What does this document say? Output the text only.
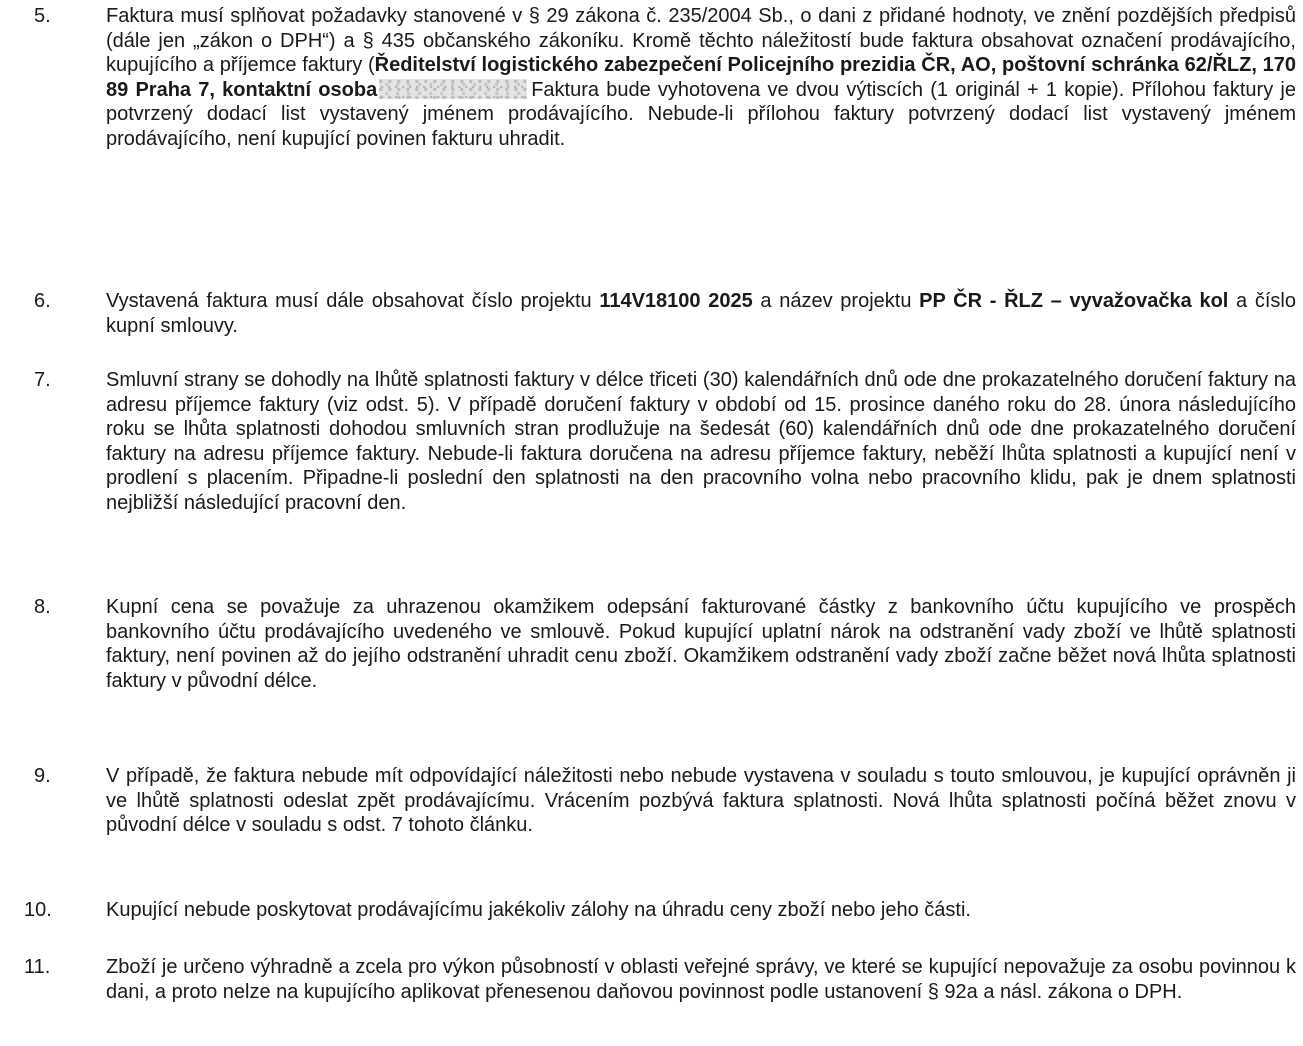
5.	Faktura musí splňovat požadavky stanovené v § 29 zákona č. 235/2004 Sb., o dani z přidané hodnoty, ve znění pozdějších předpisů (dále jen „zákon o DPH“) a § 435 občanského zákoníku. Kromě těchto náležitostí bude faktura obsahovat označení prodávajícího, kupujícího a příjemce faktury (Ředitelství logistického zabezpečení Policejního prezidia ČR, AO, poštovní schránka 62/ŘLZ, 170 89 Praha 7, kontaktní osoba	Faktura bude vyhotovena ve dvou výtiscích (1 originál + 1 kopie). Přílohou faktury je potvrzený dodací list vystavený jménem prodávajícího. Nebude-li přílohou faktury potvrzený dodací list vystavený jménem prodávajícího, není kupující povinen fakturu uhradit.

6.	Vystavená faktura musí dále obsahovat číslo projektu 114V18100 2025 a název projektu PP ČR - ŘLZ – vyvažovačka kol a číslo kupní smlouvy.

7.	Smluvní strany se dohodly na lhůtě splatnosti faktury v délce třiceti (30) kalendářních dnů ode dne prokazatelného doručení faktury na adresu příjemce faktury (viz odst. 5). V případě doručení faktury v období od 15. prosince daného roku do 28. února následujícího roku se lhůta splatnosti dohodou smluvních stran prodlužuje na šedesát (60) kalendářních dnů ode dne prokazatelného doručení faktury na adresu příjemce faktury. Nebude-li faktura doručena na adresu příjemce faktury, neběží lhůta splatnosti a kupující není v prodlení s placením. Připadne-li poslední den splatnosti na den pracovního volna nebo pracovního klidu, pak je dnem splatnosti nejbližší následující pracovní den.

8.	Kupní cena se považuje za uhrazenou okamžikem odepsání fakturované částky z bankovního účtu kupujícího ve prospěch bankovního účtu prodávajícího uvedeného ve smlouvě. Pokud kupující uplatní nárok na odstranění vady zboží ve lhůtě splatnosti faktury, není povinen až do jejího odstranění uhradit cenu zboží. Okamžikem odstranění vady zboží začne běžet nová lhůta splatnosti faktury v původní délce.

9.	V případě, že faktura nebude mít odpovídající náležitosti nebo nebude vystavena v souladu s touto smlouvou, je kupující oprávněn ji ve lhůtě splatnosti odeslat zpět prodávajícímu. Vrácením pozbývá faktura splatnosti. Nová lhůta splatnosti počíná běžet znovu v původní délce v souladu s odst. 7 tohoto článku.

10.	Kupující nebude poskytovat prodávajícímu jakékoliv zálohy na úhradu ceny zboží nebo jeho části.

11.	Zboží je určeno výhradně a zcela pro výkon působností v oblasti veřejné správy, ve které se kupující nepovažuje za osobu povinnou k dani, a proto nelze na kupujícího aplikovat přenesenou daňovou povinnost podle ustanovení § 92a a násl. zákona o DPH.
